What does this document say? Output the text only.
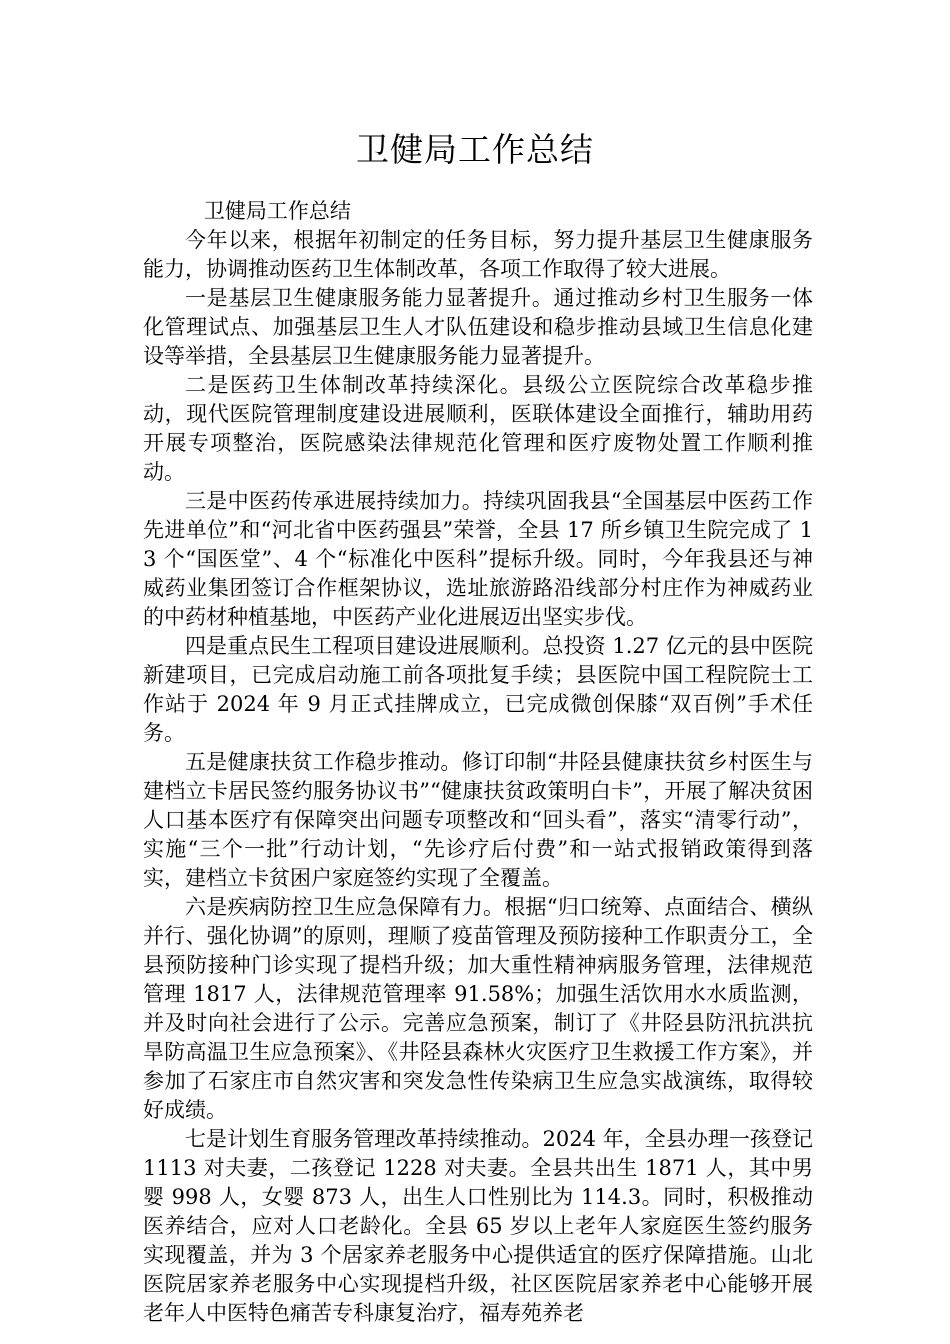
卫健局工作总结

卫健局工作总结

今年以来，根据年初制定的任务目标，努力提升基层卫生健康服务能力，协调推动医药卫生体制改革，各项工作取得了较大进展。

一是基层卫生健康服务能力显著提升。通过推动乡村卫生服务一体化管理试点、加强基层卫生人才队伍建设和稳步推动县域卫生信息化建设等举措，全县基层卫生健康服务能力显著提升。

二是医药卫生体制改革持续深化。县级公立医院综合改革稳步推动，现代医院管理制度建设进展顺利，医联体建设全面推行，辅助用药开展专项整治，医院感染法律规范化管理和医疗废物处置工作顺利推动。

三是中医药传承进展持续加力。持续巩固我县“全国基层中医药工作先进单位”和“河北省中医药强县”荣誉，全县 17 所乡镇卫生院完成了 13 个“国医堂”、4 个“标准化中医科”提标升级。同时，今年我县还与神威药业集团签订合作框架协议，选址旅游路沿线部分村庄作为神威药业的中药材种植基地，中医药产业化进展迈出坚实步伐。

四是重点民生工程项目建设进展顺利。总投资 1.27 亿元的县中医院新建项目，已完成启动施工前各项批复手续；县医院中国工程院院士工作站于 2024 年 9 月正式挂牌成立，已完成微创保膝“双百例”手术任务。

五是健康扶贫工作稳步推动。修订印制“井陉县健康扶贫乡村医生与建档立卡居民签约服务协议书”“健康扶贫政策明白卡”，开展了解决贫困人口基本医疗有保障突出问题专项整改和“回头看”，落实“清零行动”，实施“三个一批”行动计划，“先诊疗后付费”和一站式报销政策得到落实，建档立卡贫困户家庭签约实现了全覆盖。

六是疾病防控卫生应急保障有力。根据“归口统筹、点面结合、横纵并行、强化协调”的原则，理顺了疫苗管理及预防接种工作职责分工，全县预防接种门诊实现了提档升级；加大重性精神病服务管理，法律规范管理 1817 人，法律规范管理率 91.58%；加强生活饮用水水质监测，并及时向社会进行了公示。完善应急预案，制订了《井陉县防汛抗洪抗旱防高温卫生应急预案》、《井陉县森林火灾医疗卫生救援工作方案》，并参加了石家庄市自然灾害和突发急性传染病卫生应急实战演练，取得较好成绩。

七是计划生育服务管理改革持续推动。2024 年，全县办理一孩登记 1113 对夫妻，二孩登记 1228 对夫妻。全县共出生 1871 人，其中男婴 998 人，女婴 873 人，出生人口性别比为 114.3。同时，积极推动医养结合，应对人口老龄化。全县 65 岁以上老年人家庭医生签约服务实现覆盖，并为 3 个居家养老服务中心提供适宜的医疗保障措施。山北医院居家养老服务中心实现提档升级，社区医院居家养老中心能够开展老年人中医特色痛苦专科康复治疗，福寿苑养老
